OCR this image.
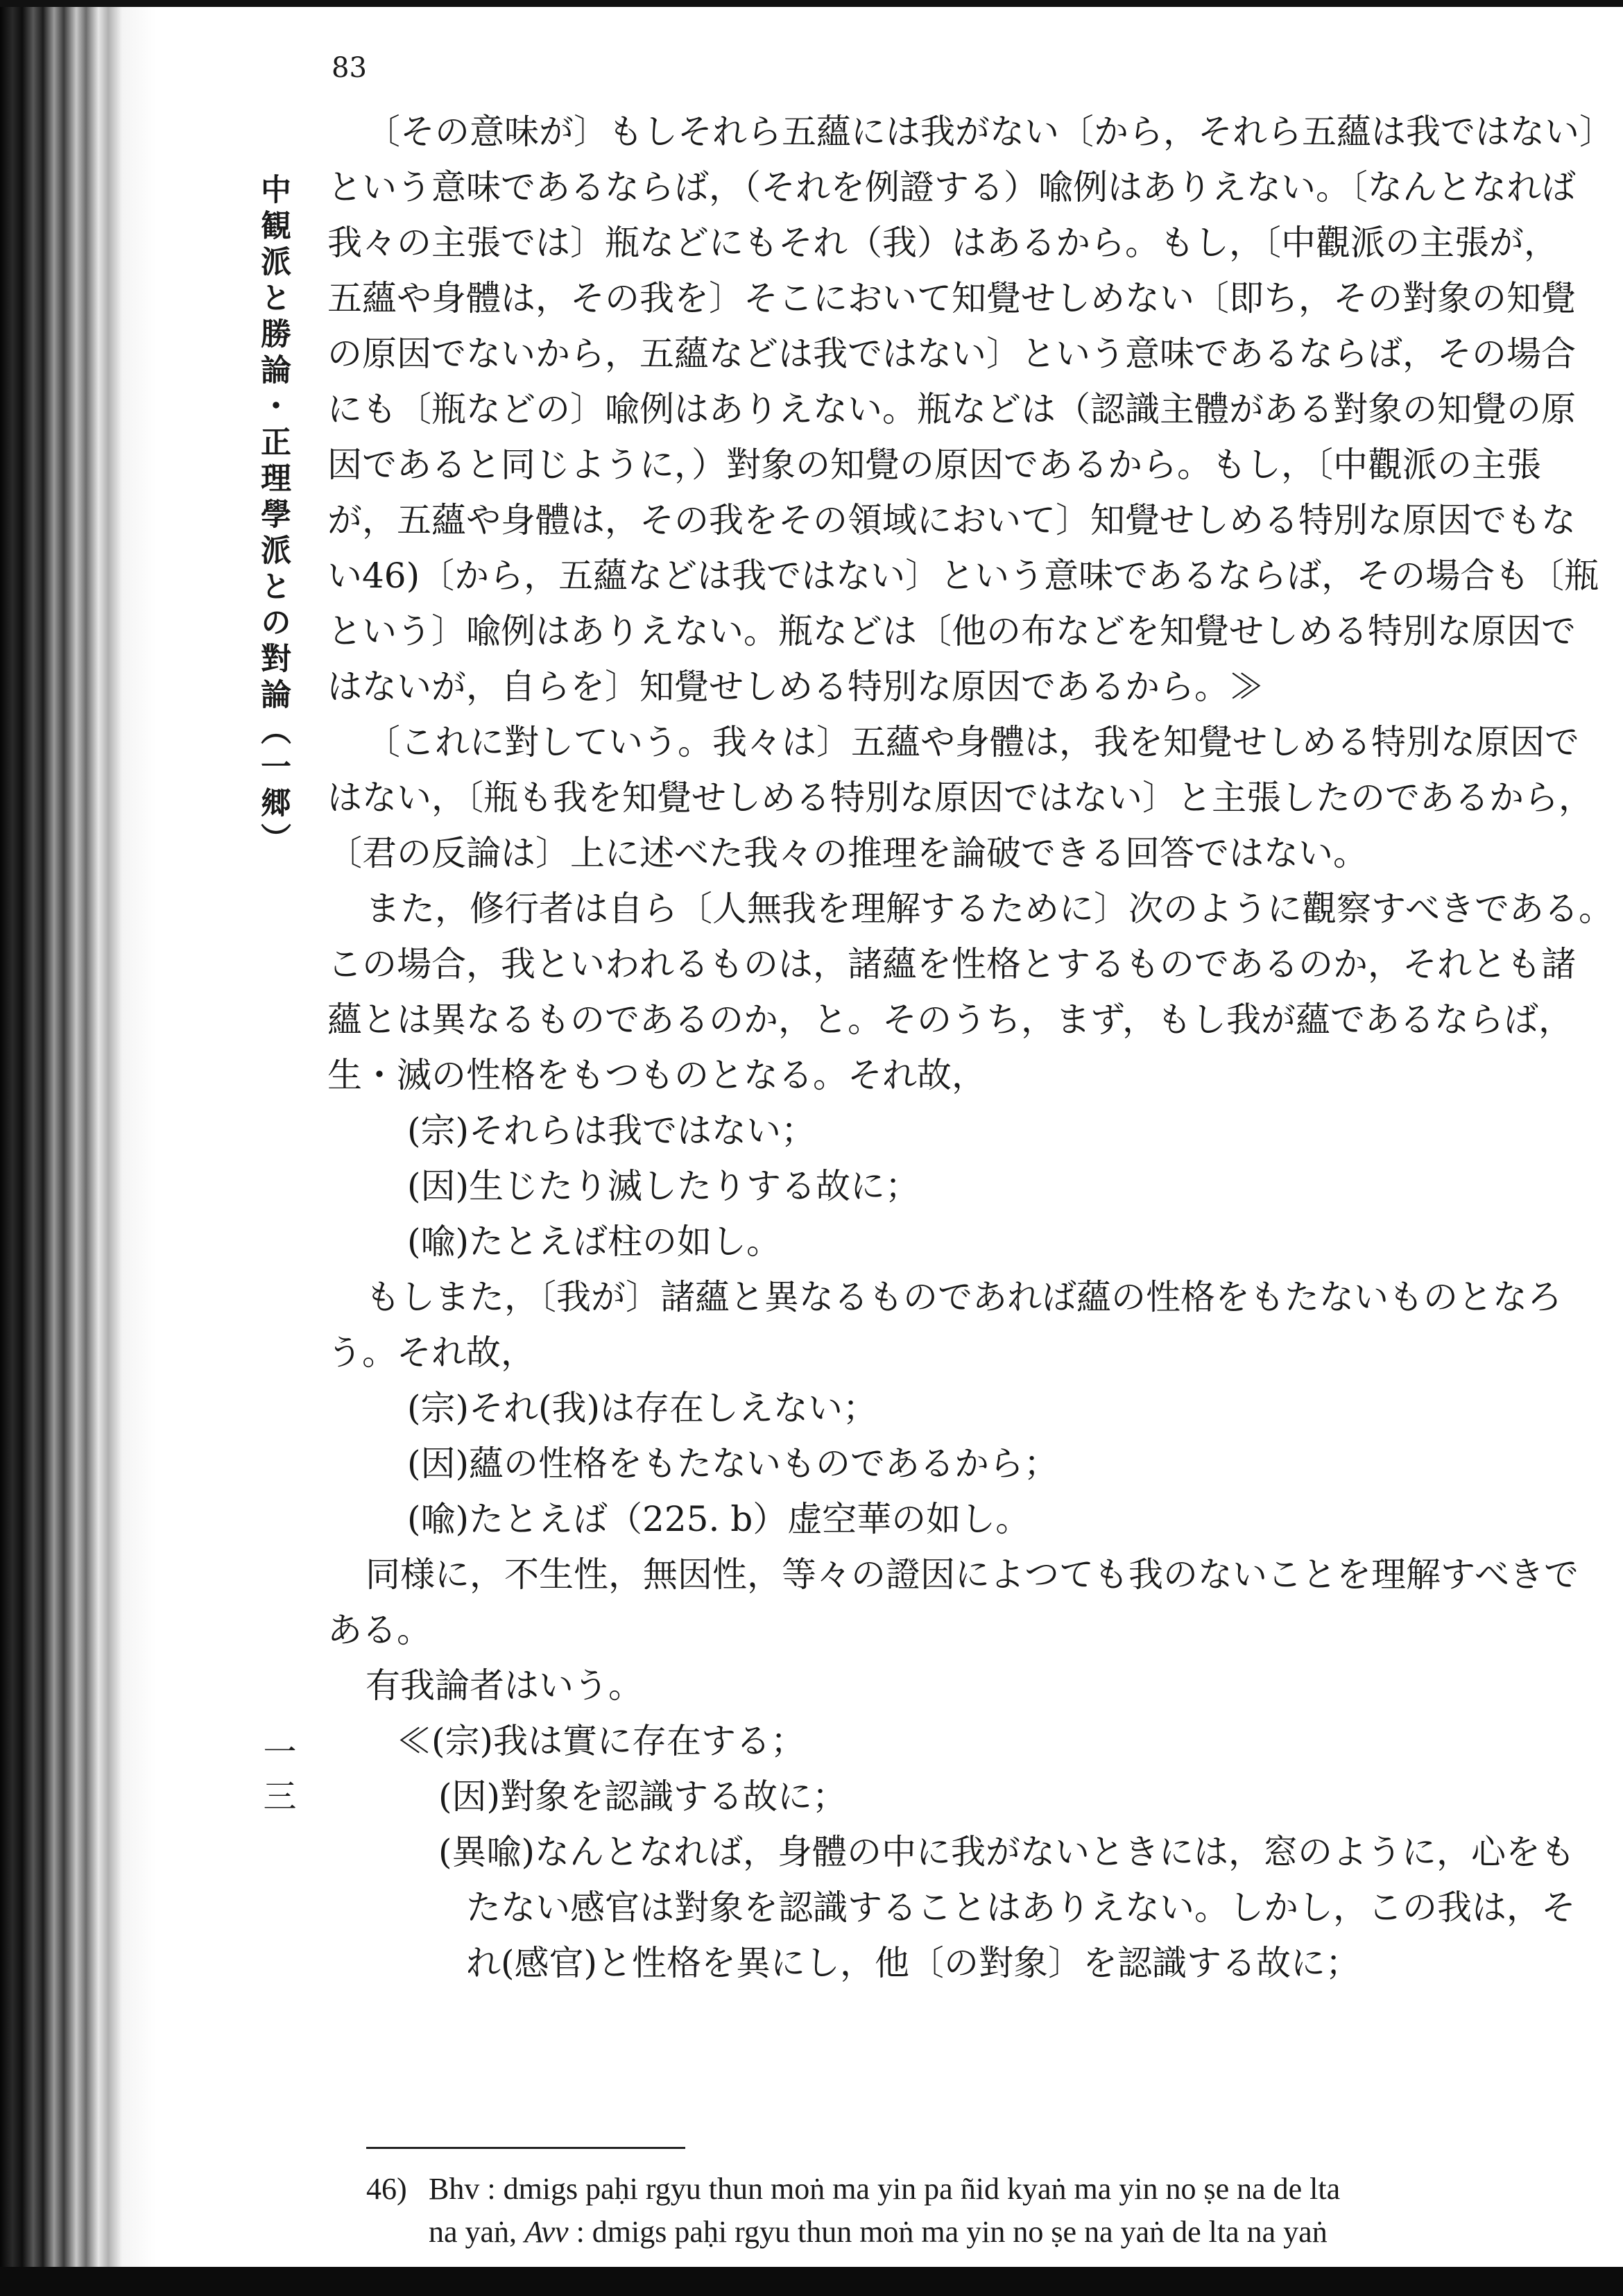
83
中観派と勝論・正理學派との對論（一郷）
一三

〔その意味が〕もしそれら五蘊には我がない〔から，それら五蘊は我ではない〕

という意味であるならば，（それを例證する）喩例はありえない。〔なんとなれば

我々の主張では〕瓶などにもそれ（我）はあるから。もし，〔中觀派の主張が，

五蘊や身體は，その我を〕そこにおいて知覺せしめない〔即ち，その對象の知覺

の原因でないから，五蘊などは我ではない〕という意味であるならば，その場合

にも〔瓶などの〕喩例はありえない。瓶などは（認識主體がある對象の知覺の原

因であると同じように，）對象の知覺の原因であるから。もし，〔中觀派の主張

が，五蘊や身體は，その我をその領域において〕知覺せしめる特別な原因でもな

い46)〔から，五蘊などは我ではない〕という意味であるならば，その場合も〔瓶

という〕喩例はありえない。瓶などは〔他の布などを知覺せしめる特別な原因で

はないが，自らを〕知覺せしめる特別な原因であるから。≫

〔これに對していう。我々は〕五蘊や身體は，我を知覺せしめる特別な原因で

はない，〔瓶も我を知覺せしめる特別な原因ではない〕と主張したのであるから，

〔君の反論は〕上に述べた我々の推理を論破できる回答ではない。

また，修行者は自ら〔人無我を理解するために〕次のように觀察すべきである。

この場合，我といわれるものは，諸蘊を性格とするものであるのか，それとも諸

蘊とは異なるものであるのか，と。そのうち，まず，もし我が蘊であるならば，

生・滅の性格をもつものとなる。それ故，

(宗)それらは我ではない；

(因)生じたり滅したりする故に；

(喩)たとえば柱の如し。

もしまた，〔我が〕諸蘊と異なるものであれば蘊の性格をもたないものとなろ

う。それ故，

(宗)それ(我)は存在しえない；

(因)蘊の性格をもたないものであるから；

(喩)たとえば（225. b）虚空華の如し。

同様に，不生性，無因性，等々の證因によつても我のないことを理解すべきで

ある。

有我論者はいう。

≪(宗)我は實に存在する；

(因)對象を認識する故に；

(異喩)なんとなれば，身體の中に我がないときには，窓のように，心をも

たない感官は對象を認識することはありえない。しかし，この我は，そ

れ(感官)と性格を異にし，他〔の對象〕を認識する故に；

46) Bhv : dmigs paḥi rgyu thun moṅ ma yin pa ñid kyaṅ ma yin no ṣe na de lta

na yaṅ, Avv : dmigs paḥi rgyu thun moṅ ma yin no ṣe na yaṅ de lta na yaṅ
